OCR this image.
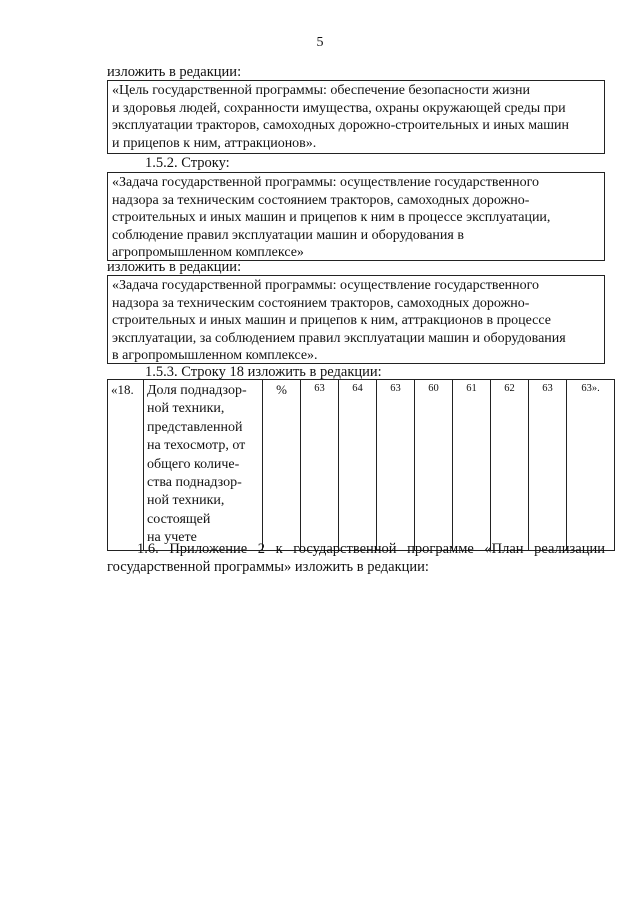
5
изложить в редакции:
«Цель государственной программы: обеспечение безопасности жизни
и здоровья людей, сохранности имущества, охраны окружающей среды при
эксплуатации тракторов, самоходных дорожно-строительных и иных машин
и прицепов к ним, аттракционов».
1.5.2. Строку:
«Задача государственной программы: осуществление государственного
надзора за техническим состоянием тракторов, самоходных дорожно-
строительных и иных машин и прицепов к ним в процессе эксплуатации,
соблюдение правил эксплуатации машин и оборудования в
агропромышленном комплексе»
изложить в редакции:
«Задача государственной программы: осуществление государственного
надзора за техническим состоянием тракторов, самоходных дорожно-
строительных и иных машин и прицепов к ним, аттракционов в процессе
эксплуатации, за соблюдением правил эксплуатации машин и оборудования
в агропромышленном комплексе».
1.5.3. Строку 18 изложить в редакции:
«18.	Доля поднадзор-
ной техники,
представленной
на техосмотр, от
общего количе-
ства поднадзор-
ной техники,
состоящей
на учете
	%	63	64	63	60	61	62	63	63».
1.6. Приложение 2 к государственной программе «План реализации
государственной программы» изложить в редакции:
